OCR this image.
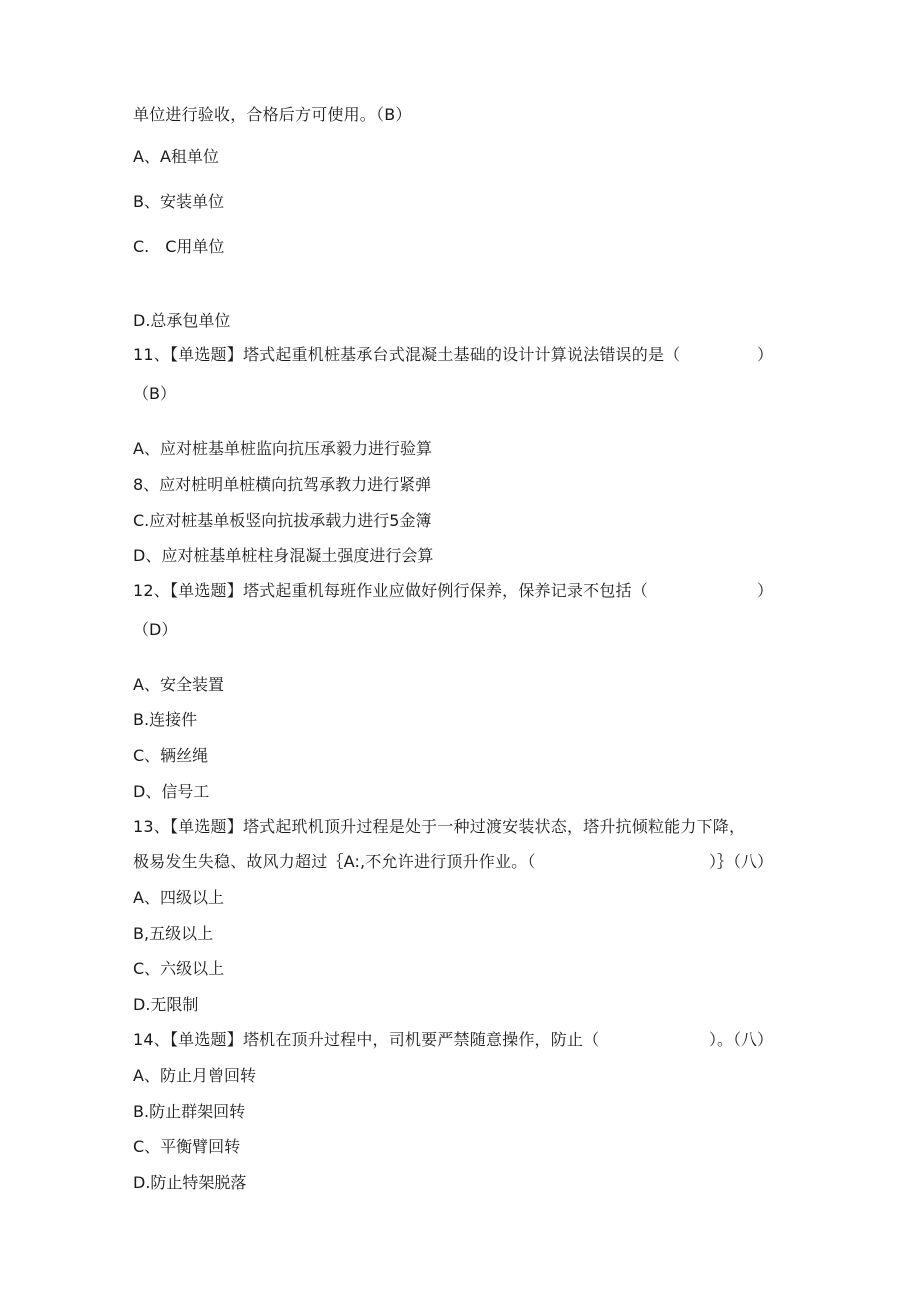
单位进行验收，合格后方可使用。（B）

A、A租单位

B、安装单位

C.　C用单位

D.总承包单位

11、【单选题】塔式起重机桩基承台式混凝土基础的设计计算说法错误的是（	）

（B）

A、应对桩基单桩监向抗压承毅力进行验算

8、应对桩明单桩横向抗驾承教力进行紧弹

C.应对桩基单板竖向抗拔承载力进行5金簿

D、应对桩基单桩柱身混凝土强度进行会算

12、【单选题】塔式起重机每班作业应做好例行保养，保养记录不包括（	）

（D）

A、安全装置

B.连接件

C、辆丝绳

D、信号工

13、【单选题】塔式起玳机顶升过程是处于一种过渡安装状态，塔升抗倾粒能力下降，

极易发生失稳、故风力超过｛A:,不允许进行顶升作业。（	）｝（八）

A、四级以上

B,五级以上

C、六级以上

D.无限制

14、【单选题】塔机在顶升过程中，司机要严禁随意操作，防止（	）。（八）

A、防止月曾回转

B.防止群架回转

C、平衡臂回转

D.防止特架脱落
